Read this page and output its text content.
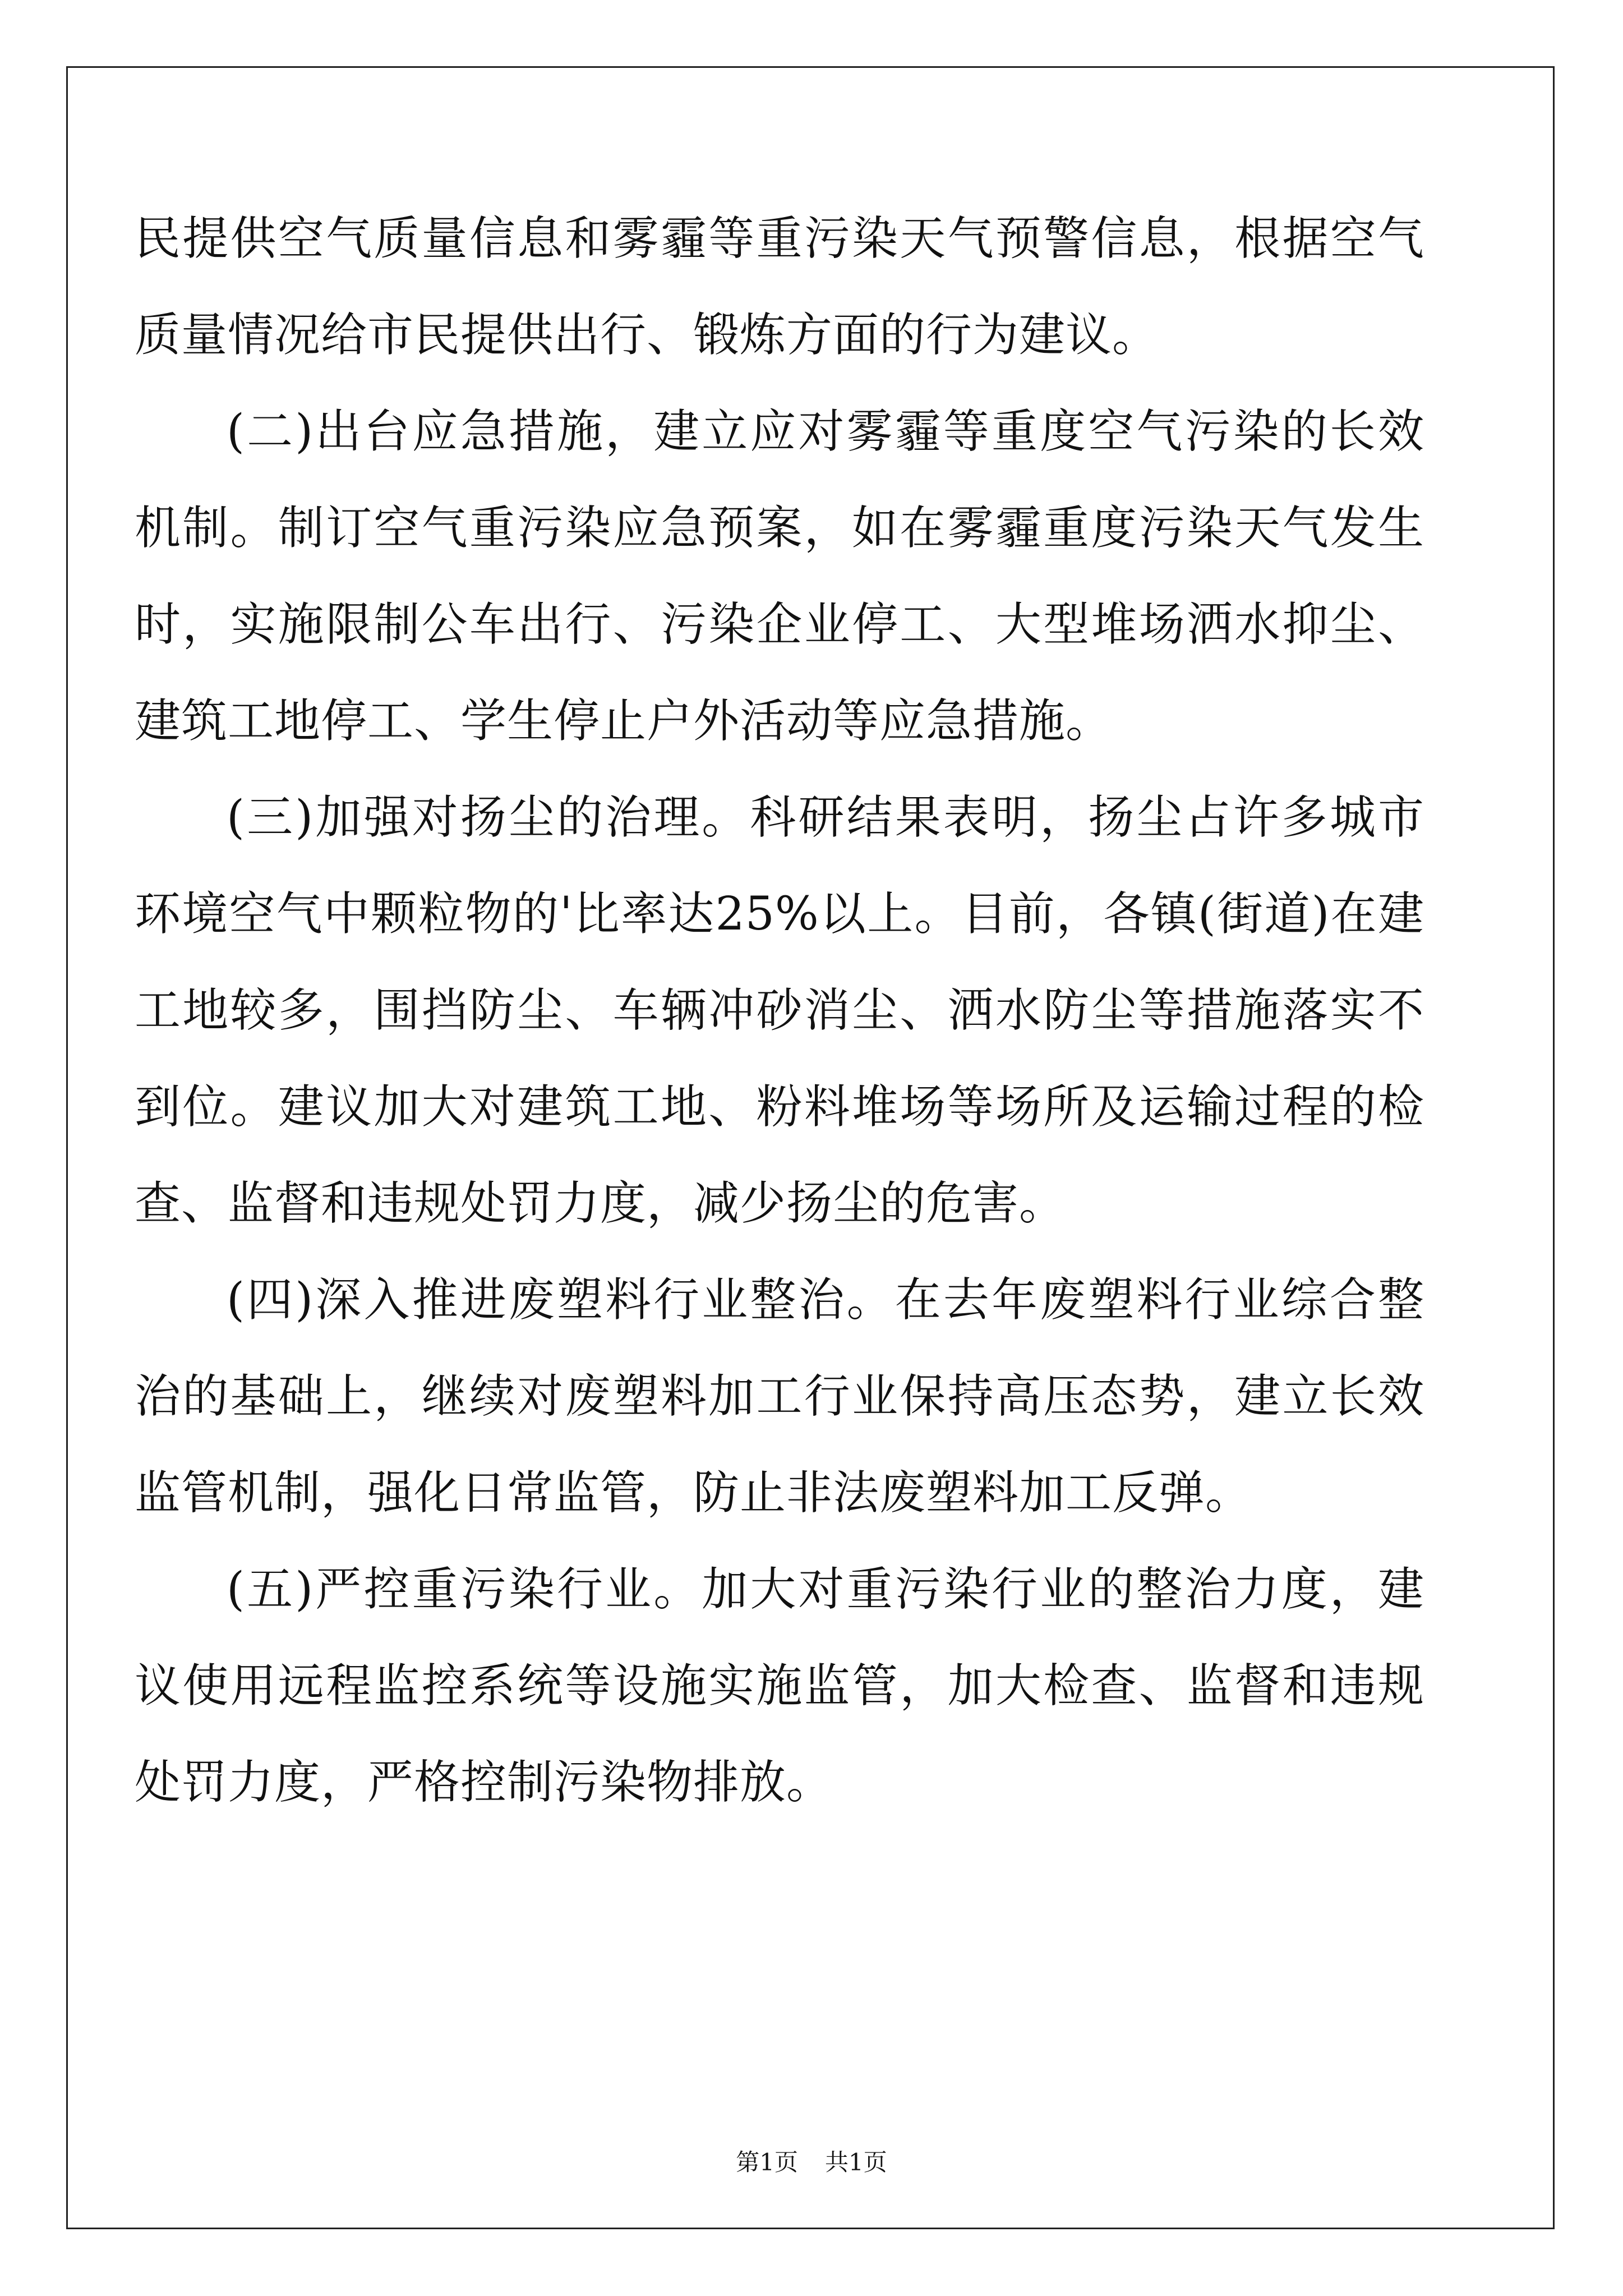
民提供空气质量信息和雾霾等重污染天气预警信息，根据空气质量情况给市民提供出行、锻炼方面的行为建议。

(二)出台应急措施，建立应对雾霾等重度空气污染的长效机制。制订空气重污染应急预案，如在雾霾重度污染天气发生时，实施限制公车出行、污染企业停工、大型堆场洒水抑尘、建筑工地停工、学生停止户外活动等应急措施。

(三)加强对扬尘的治理。科研结果表明，扬尘占许多城市环境空气中颗粒物的'比率达25%以上。目前，各镇(街道)在建工地较多，围挡防尘、车辆冲砂消尘、洒水防尘等措施落实不到位。建议加大对建筑工地、粉料堆场等场所及运输过程的检查、监督和违规处罚力度，减少扬尘的危害。

(四)深入推进废塑料行业整治。在去年废塑料行业综合整治的基础上，继续对废塑料加工行业保持高压态势，建立长效监管机制，强化日常监管，防止非法废塑料加工反弹。

(五)严控重污染行业。加大对重污染行业的整治力度，建议使用远程监控系统等设施实施监管，加大检查、监督和违规处罚力度，严格控制污染物排放。

第1页 共1页
